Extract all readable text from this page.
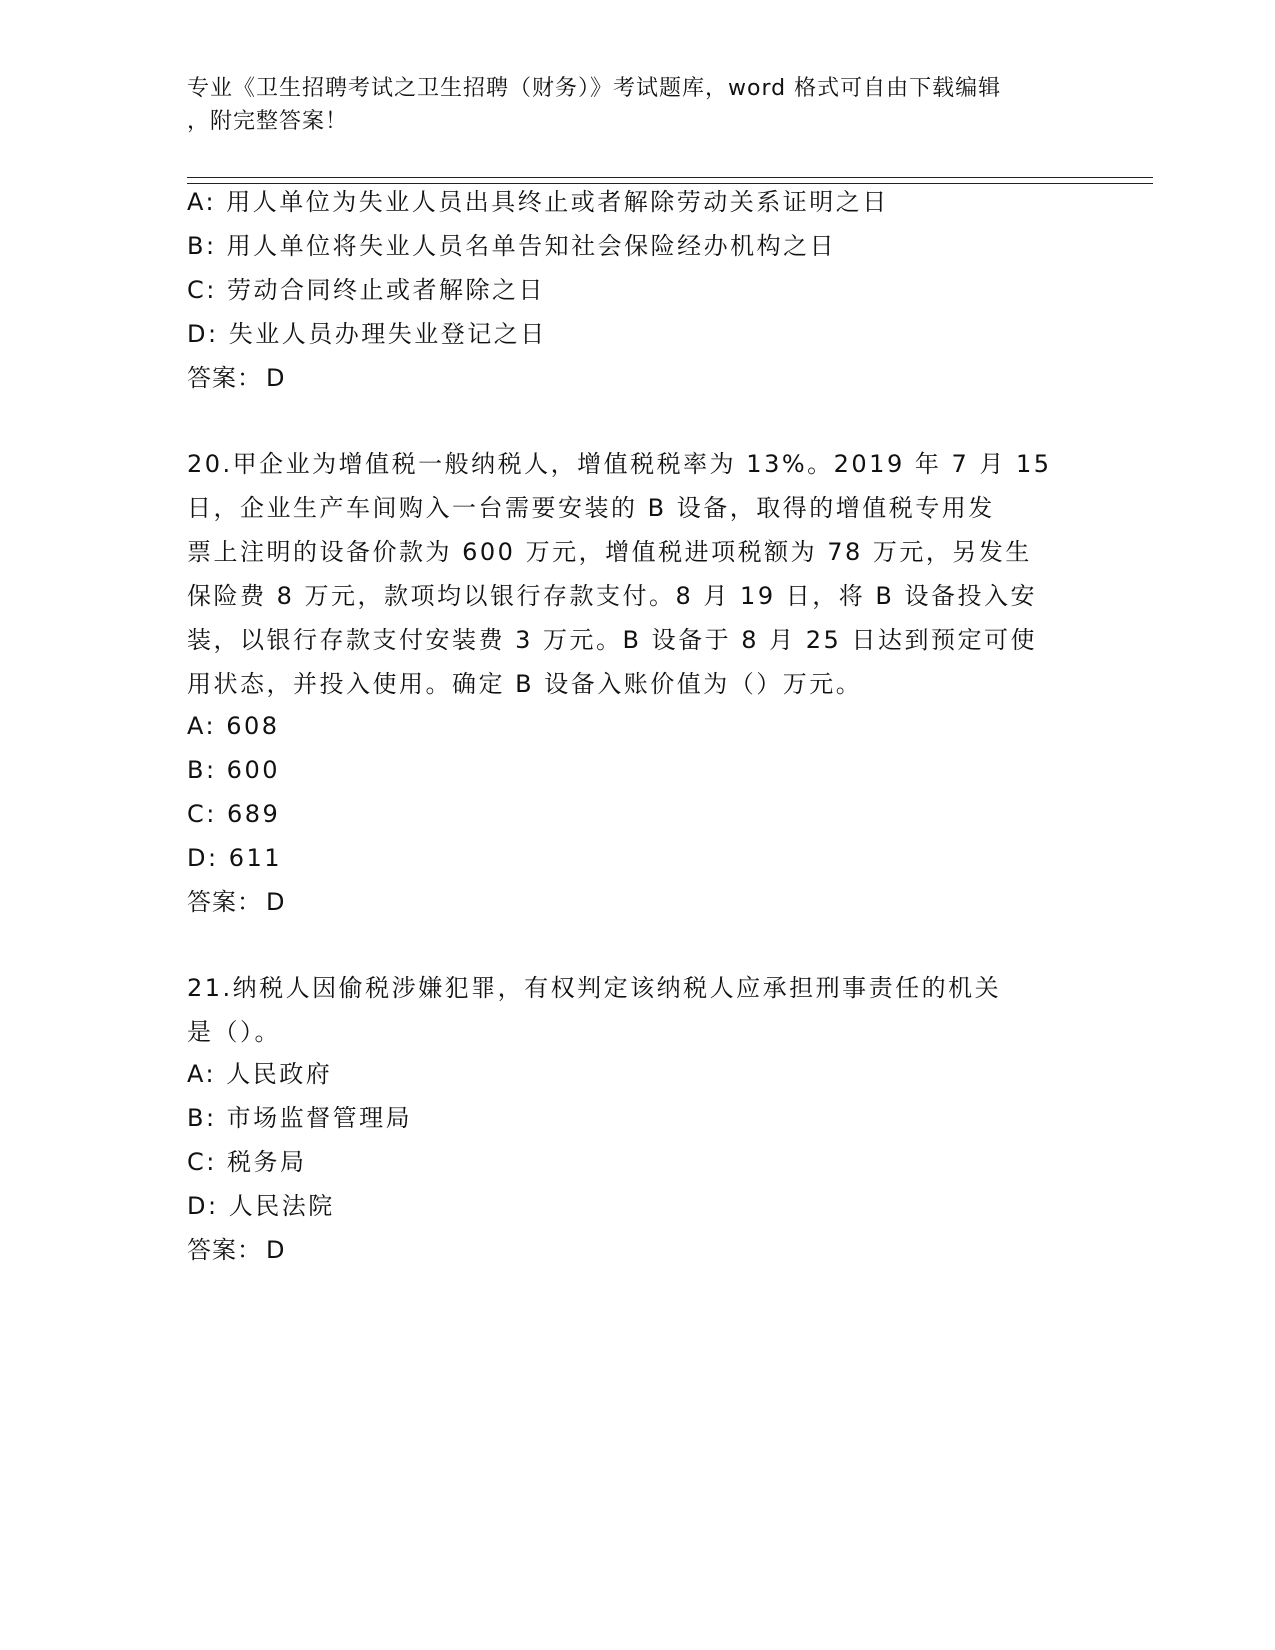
专业《卫生招聘考试之卫生招聘（财务）》考试题库，word 格式可自由下载编辑
，附完整答案！
A: 用人单位为失业人员出具终止或者解除劳动关系证明之日
B: 用人单位将失业人员名单告知社会保险经办机构之日
C: 劳动合同终止或者解除之日
D: 失业人员办理失业登记之日
答案： D
20.甲企业为增值税一般纳税人，增值税税率为 13%。2019 年 7 月 15
日，企业生产车间购入一台需要安装的 B 设备，取得的增值税专用发
票上注明的设备价款为 600 万元，增值税进项税额为 78 万元，另发生
保险费 8 万元，款项均以银行存款支付。8 月 19 日，将 B 设备投入安
装，以银行存款支付安装费 3 万元。B 设备于 8 月 25 日达到预定可使
用状态，并投入使用。确定 B 设备入账价值为（）万元。
A: 608
B: 600
C: 689
D: 611
答案： D
21.纳税人因偷税涉嫌犯罪，有权判定该纳税人应承担刑事责任的机关
是（）。
A: 人民政府
B: 市场监督管理局
C: 税务局
D: 人民法院
答案： D
